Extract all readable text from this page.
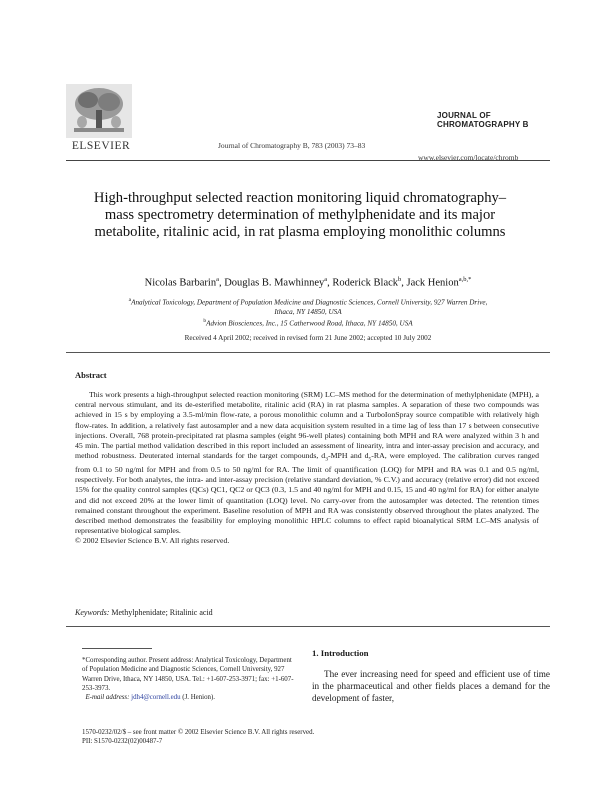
ELSEVIER	Journal of Chromatography B, 783 (2003) 73–83
JOURNAL OF
CHROMATOGRAPHY B
www.elsevier.com/locate/chromb
High-throughput selected reaction monitoring liquid chromatography–mass spectrometry determination of methylphenidate and its major metabolite, ritalinic acid, in rat plasma employing monolithic columns
Nicolas Barbarin$^a$, Douglas B. Mawhinney$^a$, Roderick Black$^b$, Jack Henion$^{a,b,*}$
$^a$Analytical Toxicology, Department of Population Medicine and Diagnostic Sciences, Cornell University, 927 Warren Drive,
Ithaca, NY 14850, USA
$^b$Advion Biosciences, Inc., 15 Catherwood Road, Ithaca, NY 14850, USA
Received 4 April 2002; received in revised form 21 June 2002; accepted 10 July 2002
Abstract

This work presents a high-throughput selected reaction monitoring (SRM) LC–MS method for the determination of methylphenidate (MPH), a central nervous stimulant, and its de-esterified metabolite, ritalinic acid (RA) in rat plasma samples. A separation of these two compounds was achieved in 15 s by employing a 3.5-ml/min flow-rate, a porous monolithic column and a TurboIonSpray source compatible with relatively high flow-rates. In addition, a relatively fast autosampler and a new data acquisition system resulted in a time lag of less than 17 s between consecutive injections. Overall, 768 protein-precipitated rat plasma samples (eight 96-well plates) containing both MPH and RA were analyzed within 3 h and 45 min. The partial method validation described in this report included an assessment of linearity, intra and inter-assay precision and accuracy, and method robustness. Deuterated internal standards for the target compounds, $d_3$-MPH and $d_5-RA$, were employed. The calibration curves ranged from 0.1 to 50 ng/ml for MPH and from 0.5 to 50 ng/ml for RA. The limit of quantification (LOQ) for MPH and RA was 0.1 and 0.5 ng/ml, respectively. For both analytes, the intra- and inter-assay precision (relative standard deviation, % C.V.) and accuracy (relative error) did not exceed 15% for the quality control samples (QCs) QC1, QC2 or QC3 (0.3, 1.5 and 40 ng/ml for MPH and 0.15, 15 and 40 ng/ml for RA) for either analyte and did not exceed 20% at the lower limit of quantitation (LOQ) level. No carry-over from the autosampler was detected. The retention times remained constant throughout the experiment. Baseline resolution of MPH and RA was consistently observed throughout the plates analyzed. The described method demonstrates the feasibility for employing monolithic HPLC columns to effect rapid bioanalytical SRM LC–MS analysis of representative biological samples.

© 2002 Elsevier Science B.V. All rights reserved.

Keywords: Methylphenidate; Ritalinic acid

*Corresponding author. Present address: Analytical Toxicology, Department of Population Medicine and Diagnostic Sciences, Cornell University, 927 Warren Drive, Ithaca, NY 14850, USA. Tel.: +1-607-253-3971; fax: +1-607-253-3973.

E-mail address: jdh4@cornell.edu (J. Henion).

1. Introduction

The ever increasing need for speed and efficient use of time in the pharmaceutical and other fields places a demand for the development of faster,

1570-0232/02/$ – see front matter © 2002 Elsevier Science B.V. All rights reserved.

PII: S1570-0232(02)00487-7
